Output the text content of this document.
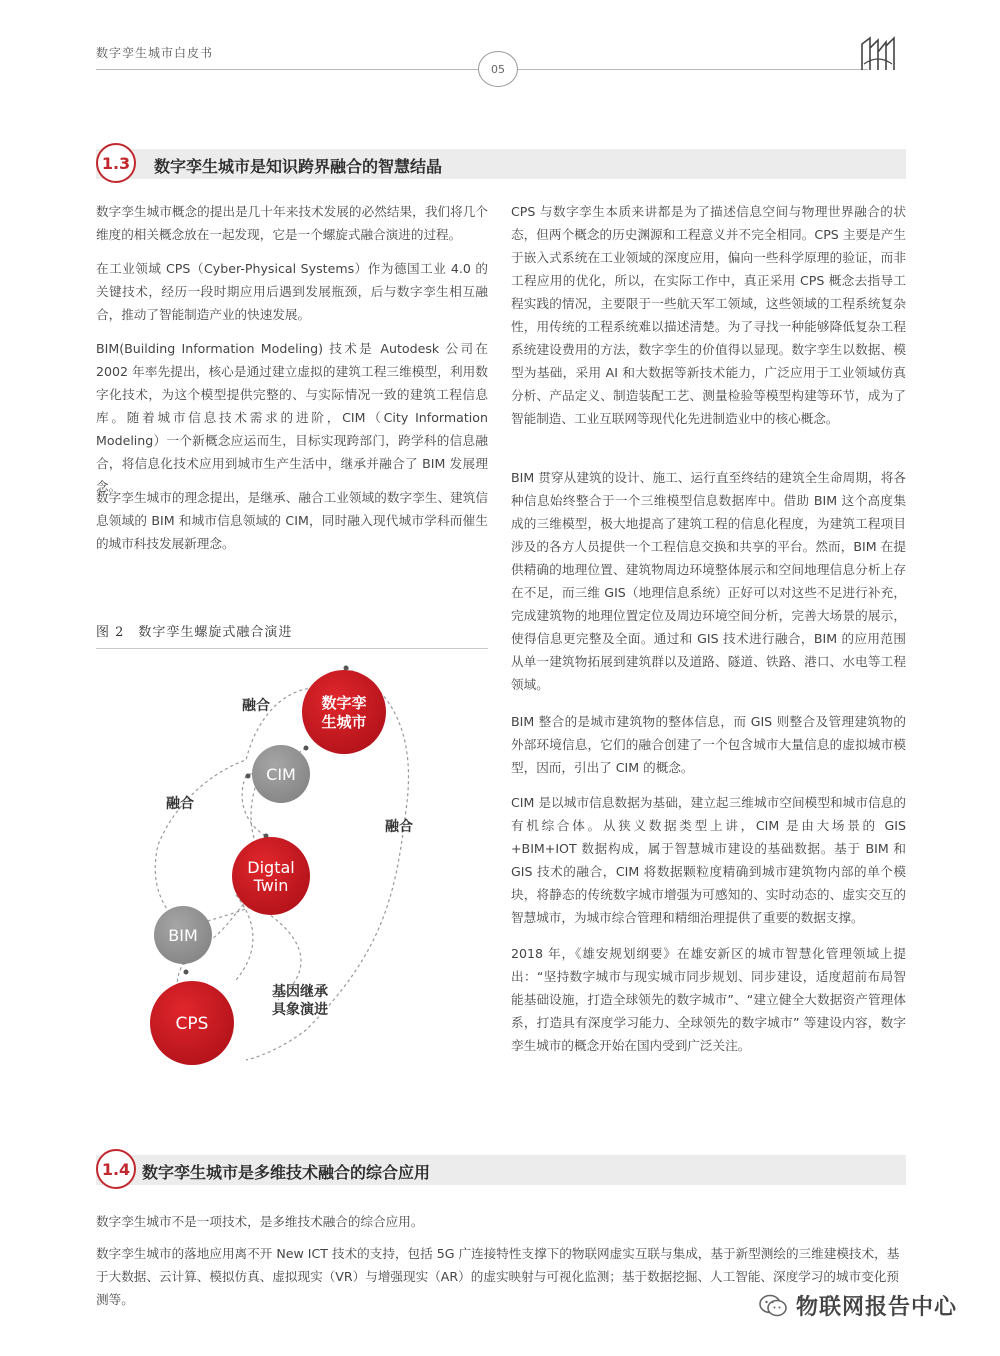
数字孪生城市白皮书
05
1.3	数字孪生城市是知识跨界融合的智慧结晶

数字孪生城市概念的提出是几十年来技术发展的必然结果，我们将几个维度的相关概念放在一起发现，它是一个螺旋式融合演进的过程。

在工业领域 CPS（Cyber-Physical Systems）作为德国工业 4.0 的关键技术，经历一段时期应用后遇到发展瓶颈，后与数字孪生相互融合，推动了智能制造产业的快速发展。

BIM(Building Information Modeling) 技术是 Autodesk 公司在 2002 年率先提出，核心是通过建立虚拟的建筑工程三维模型，利用数字化技术，为这个模型提供完整的、与实际情况一致的建筑工程信息库。随着城市信息技术需求的进阶，CIM（City Information Modeling）一个新概念应运而生，目标实现跨部门，跨学科的信息融合，将信息化技术应用到城市生产生活中，继承并融合了 BIM 发展理念。

数字孪生城市的理念提出，是继承、融合工业领域的数字孪生、建筑信息领域的 BIM 和城市信息领域的 CIM，同时融入现代城市学科而催生的城市科技发展新理念。

CPS 与数字孪生本质来讲都是为了描述信息空间与物理世界融合的状态，但两个概念的历史渊源和工程意义并不完全相同。CPS 主要是产生于嵌入式系统在工业领域的深度应用，偏向一些科学原理的验证，而非工程应用的优化，所以，在实际工作中，真正采用 CPS 概念去指导工程实践的情况，主要限于一些航天军工领域，这些领域的工程系统复杂性，用传统的工程系统难以描述清楚。为了寻找一种能够降低复杂工程系统建设费用的方法，数字孪生的价值得以显现。数字孪生以数据、模型为基础，采用 AI 和大数据等新技术能力，广泛应用于工业领域仿真分析、产品定义、制造装配工艺、测量检验等模型构建等环节，成为了智能制造、工业互联网等现代化先进制造业中的核心概念。

BIM 贯穿从建筑的设计、施工、运行直至终结的建筑全生命周期，将各种信息始终整合于一个三维模型信息数据库中。借助 BIM 这个高度集成的三维模型，极大地提高了建筑工程的信息化程度，为建筑工程项目涉及的各方人员提供一个工程信息交换和共享的平台。然而，BIM 在提供精确的地理位置、建筑物周边环境整体展示和空间地理信息分析上存在不足，而三维 GIS（地理信息系统）正好可以对这些不足进行补充，完成建筑物的地理位置定位及周边环境空间分析，完善大场景的展示，使得信息更完整及全面。通过和 GIS 技术进行融合，BIM 的应用范围从单一建筑物拓展到建筑群以及道路、隧道、铁路、港口、水电等工程领域。

BIM 整合的是城市建筑物的整体信息，而 GIS 则整合及管理建筑物的外部环境信息，它们的融合创建了一个包含城市大量信息的虚拟城市模型，因而，引出了 CIM 的概念。

CIM 是以城市信息数据为基础，建立起三维城市空间模型和城市信息的有机综合体。从狭义数据类型上讲，CIM 是由大场景的 GIS +BIM+IOT 数据构成，属于智慧城市建设的基础数据。基于 BIM 和 GIS 技术的融合，CIM 将数据颗粒度精确到城市建筑物内部的单个模块，将静态的传统数字城市增强为可感知的、实时动态的、虚实交互的智慧城市，为城市综合管理和精细治理提供了重要的数据支撑。

2018 年，《雄安规划纲要》在雄安新区的城市智慧化管理领域上提出：“坚持数字城市与现实城市同步规划、同步建设，适度超前布局智能基础设施，打造全球领先的数字城市”、“建立健全大数据资产管理体系，打造具有深度学习能力、全球领先的数字城市” 等建设内容，数字孪生城市的概念开始在国内受到广泛关注。

图 2　数字孪生螺旋式融合演进
数字孪
生城市
CIM
Digtal
Twin
BIM
CPS
融合
融合
融合
基因继承
具象演进
1.4 数字孪生城市是多维技术融合的综合应用

数字孪生城市不是一项技术，是多维技术融合的综合应用。

数字孪生城市的落地应用离不开 New ICT 技术的支持，包括 5G 广连接特性支撑下的物联网虚实互联与集成，基于新型测绘的三维建模技术，基于大数据、云计算、模拟仿真、虚拟现实（VR）与增强现实（AR）的虚实映射与可视化监测；基于数据挖掘、人工智能、深度学习的城市变化预测等。	物联网报告中心
